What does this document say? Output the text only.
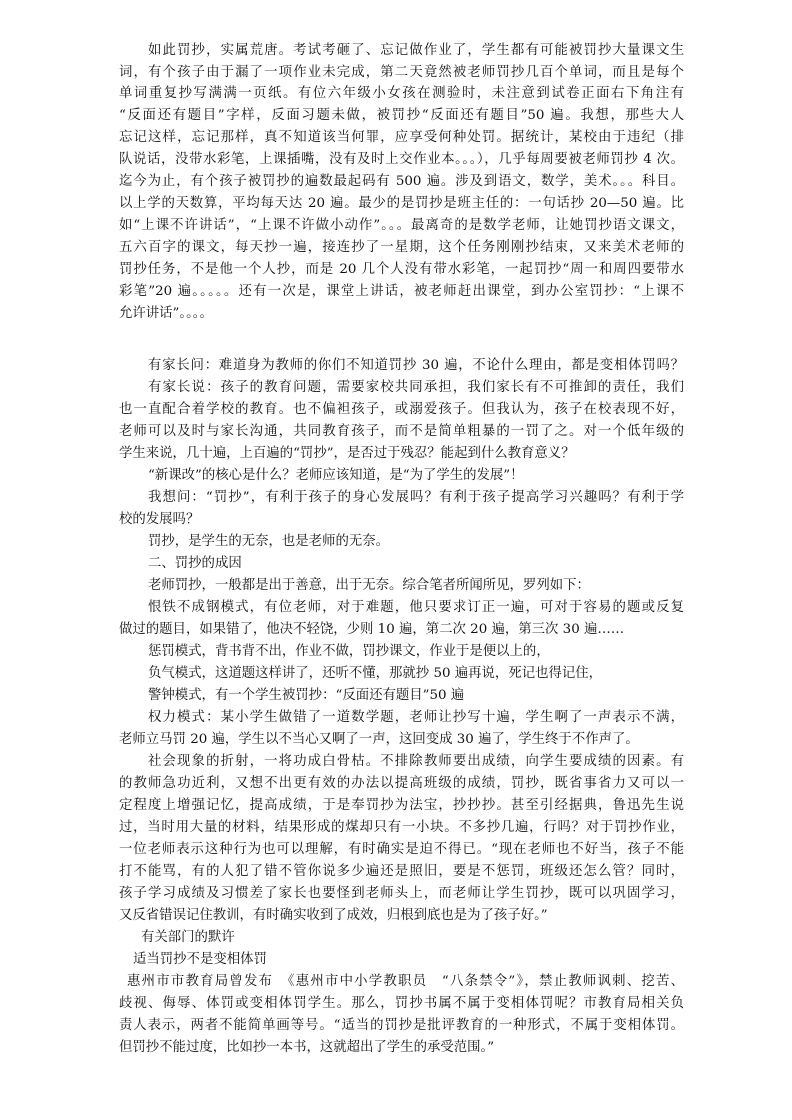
如此罚抄，实属荒唐。考试考砸了、忘记做作业了，学生都有可能被罚抄大量课文生
词，有个孩子由于漏了一项作业未完成，第二天竟然被老师罚抄几百个单词，而且是每个
单词重复抄写满满一页纸。有位六年级小女孩在测验时，未注意到试卷正面右下角注有
“反面还有题目”字样，反面习题未做，被罚抄“反面还有题目”50 遍。我想，那些大人
忘记这样，忘记那样，真不知道该当何罪，应享受何种处罚。据统计，某校由于违纪（排
队说话，没带水彩笔，上课插嘴，没有及时上交作业本。。。），几乎每周要被老师罚抄 4 次。
迄今为止，有个孩子被罚抄的遍数最起码有 500 遍。涉及到语文，数学，美术。。。科目。
以上学的天数算，平均每天达 20 遍。最少的是罚抄是班主任的：一句话抄 20—50 遍。比
如“上课不许讲话”，“上课不许做小动作”。。。最离奇的是数学老师，让她罚抄语文课文，
五六百字的课文，每天抄一遍，接连抄了一星期，这个任务刚刚抄结束，又来美术老师的
罚抄任务，不是他一个人抄，而是 20 几个人没有带水彩笔，一起罚抄“周一和周四要带水
彩笔”20 遍。。。。。还有一次是，课堂上讲话，被老师赶出课堂，到办公室罚抄：“上课不
允许讲话”。。。。
有家长问：难道身为教师的你们不知道罚抄 30 遍，不论什么理由，都是变相体罚吗？
有家长说：孩子的教育问题，需要家校共同承担，我们家长有不可推卸的责任，我们
也一直配合着学校的教育。也不偏袒孩子，或溺爱孩子。但我认为，孩子在校表现不好，
老师可以及时与家长沟通，共同教育孩子，而不是简单粗暴的一罚了之。对一个低年级的
学生来说，几十遍，上百遍的“罚抄”，是否过于残忍？能起到什么教育意义？
“新课改”的核心是什么？老师应该知道，是“为了学生的发展”！
我想问：“罚抄”，有利于孩子的身心发展吗？有利于孩子提高学习兴趣吗？有利于学
校的发展吗？
罚抄，是学生的无奈，也是老师的无奈。
二、罚抄的成因
老师罚抄，一般都是出于善意，出于无奈。综合笔者所闻所见，罗列如下：
恨铁不成钢模式，有位老师，对于难题，他只要求订正一遍，可对于容易的题或反复
做过的题目，如果错了，他决不轻饶，少则 10 遍，第二次 20 遍，第三次 30 遍……
惩罚模式，背书背不出，作业不做，罚抄课文，作业于是便以上的，
负气模式，这道题这样讲了，还听不懂，那就抄 50 遍再说，死记也得记住，
警钟模式，有一个学生被罚抄：“反面还有题目”50 遍
权力模式：某小学生做错了一道数学题，老师让抄写十遍，学生啊了一声表示不满，
老师立马罚 20 遍，学生以不当心又啊了一声，这回变成 30 遍了，学生终于不作声了。
社会现象的折射，一将功成白骨枯。不排除教师要出成绩，向学生要成绩的因素。有
的教师急功近利，又想不出更有效的办法以提高班级的成绩，罚抄，既省事省力又可以一
定程度上增强记忆，提高成绩，于是奉罚抄为法宝，抄抄抄。甚至引经据典，鲁迅先生说
过，当时用大量的材料，结果形成的煤却只有一小块。不多抄几遍，行吗？对于罚抄作业，
一位老师表示这种行为也可以理解，有时确实是迫不得已。“现在老师也不好当，孩子不能
打不能骂，有的人犯了错不管你说多少遍还是照旧，要是不惩罚，班级还怎么管？同时，
孩子学习成绩及习惯差了家长也要怪到老师头上，而老师让学生罚抄，既可以巩固学习，
又反省错误记住教训，有时确实收到了成效，归根到底也是为了孩子好。”
有关部门的默许
适当罚抄不是变相体罚
惠州市市教育局曾发布　《惠州市中小学教职员　“八条禁令”》，禁止教师讽刺、挖苦、
歧视、侮辱、体罚或变相体罚学生。那么，罚抄书属不属于变相体罚呢？市教育局相关负
责人表示，两者不能简单画等号。“适当的罚抄是批评教育的一种形式，不属于变相体罚。
但罚抄不能过度，比如抄一本书，这就超出了学生的承受范围。”
